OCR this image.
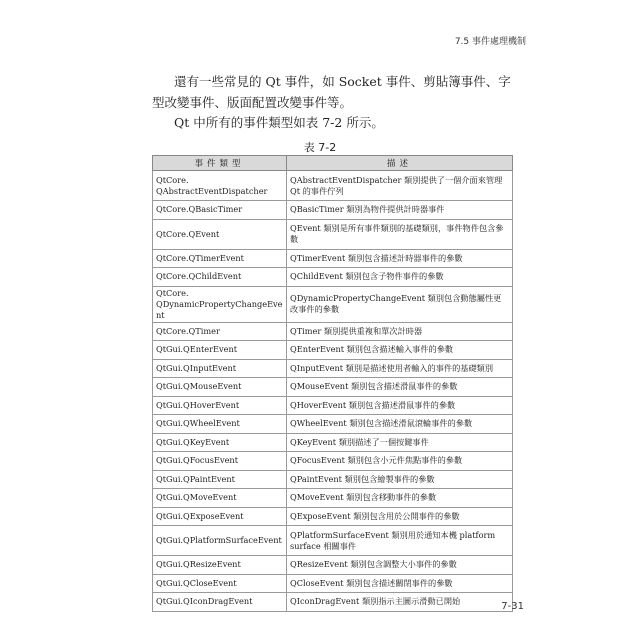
7.5 事件處理機制
還有一些常見的 Qt 事件，如 Socket 事件、剪貼簿事件、字型改變事件、版面配置改變事件等。
Qt 中所有的事件類型如表 7-2 所示。
表 7-2
事件類型	描述
QtCore.
QAbstractEventDispatcher	QAbstractEventDispatcher 類別提供了一個介面來管理 Qt 的事件佇列
QtCore.QBasicTimer	QBasicTimer 類別為物件提供計時器事件
QtCore.QEvent	QEvent 類別是所有事件類別的基礎類別，事件物件包含參數
QtCore.QTimerEvent	QTimerEvent 類別包含描述計時器事件的參數
QtCore.QChildEvent	QChildEvent 類別包含子物件事件的參數
QtCore.
QDynamicPropertyChangeEvent	QDynamicPropertyChangeEvent 類別包含動態屬性更改事件的參數
QtCore.QTimer	QTimer 類別提供重複和單次計時器
QtGui.QEnterEvent	QEnterEvent 類別包含描述輸入事件的參數
QtGui.QInputEvent	QInputEvent 類別是描述使用者輸入的事件的基礎類別
QtGui.QMouseEvent	QMouseEvent 類別包含描述滑鼠事件的參數
QtGui.QHoverEvent	QHoverEvent 類別包含描述滑鼠事件的參數
QtGui.QWheelEvent	QWheelEvent 類別包含描述滑鼠滾輪事件的參數
QtGui.QKeyEvent	QKeyEvent 類別描述了一個按鍵事件
QtGui.QFocusEvent	QFocusEvent 類別包含小元件焦點事件的參數
QtGui.QPaintEvent	QPaintEvent 類別包含繪製事件的參數
QtGui.QMoveEvent	QMoveEvent 類別包含移動事件的參數
QtGui.QExposeEvent	QExposeEvent 類別包含用於公開事件的參數
QtGui.QPlatformSurfaceEvent	QPlatformSurfaceEvent 類別用於通知本機 platform surface 相關事件
QtGui.QResizeEvent	QResizeEvent 類別包含調整大小事件的參數
QtGui.QCloseEvent	QCloseEvent 類別包含描述關閉事件的參數
QtGui.QIconDragEvent	QIconDragEvent 類別指示主圖示滑動已開始	7-31
